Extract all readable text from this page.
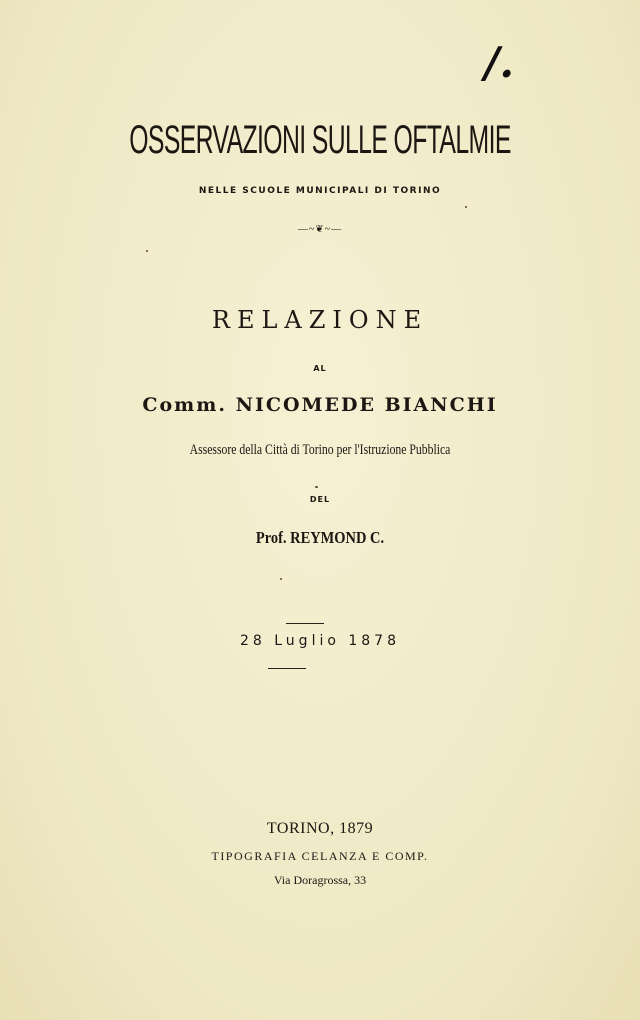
/.
OSSERVAZIONI SULLE OFTALMIE
NELLE SCUOLE MUNICIPALI DI TORINO
—~❦~—
RELAZIONE
AL
Comm. NICOMEDE BIANCHI
Assessore della Città di Torino per l'Istruzione Pubblica
DEL
Prof. REYMOND C.
28 Luglio 1878
TORINO, 1879
TIPOGRAFIA CELANZA E COMP.
Via Doragrossa, 33
